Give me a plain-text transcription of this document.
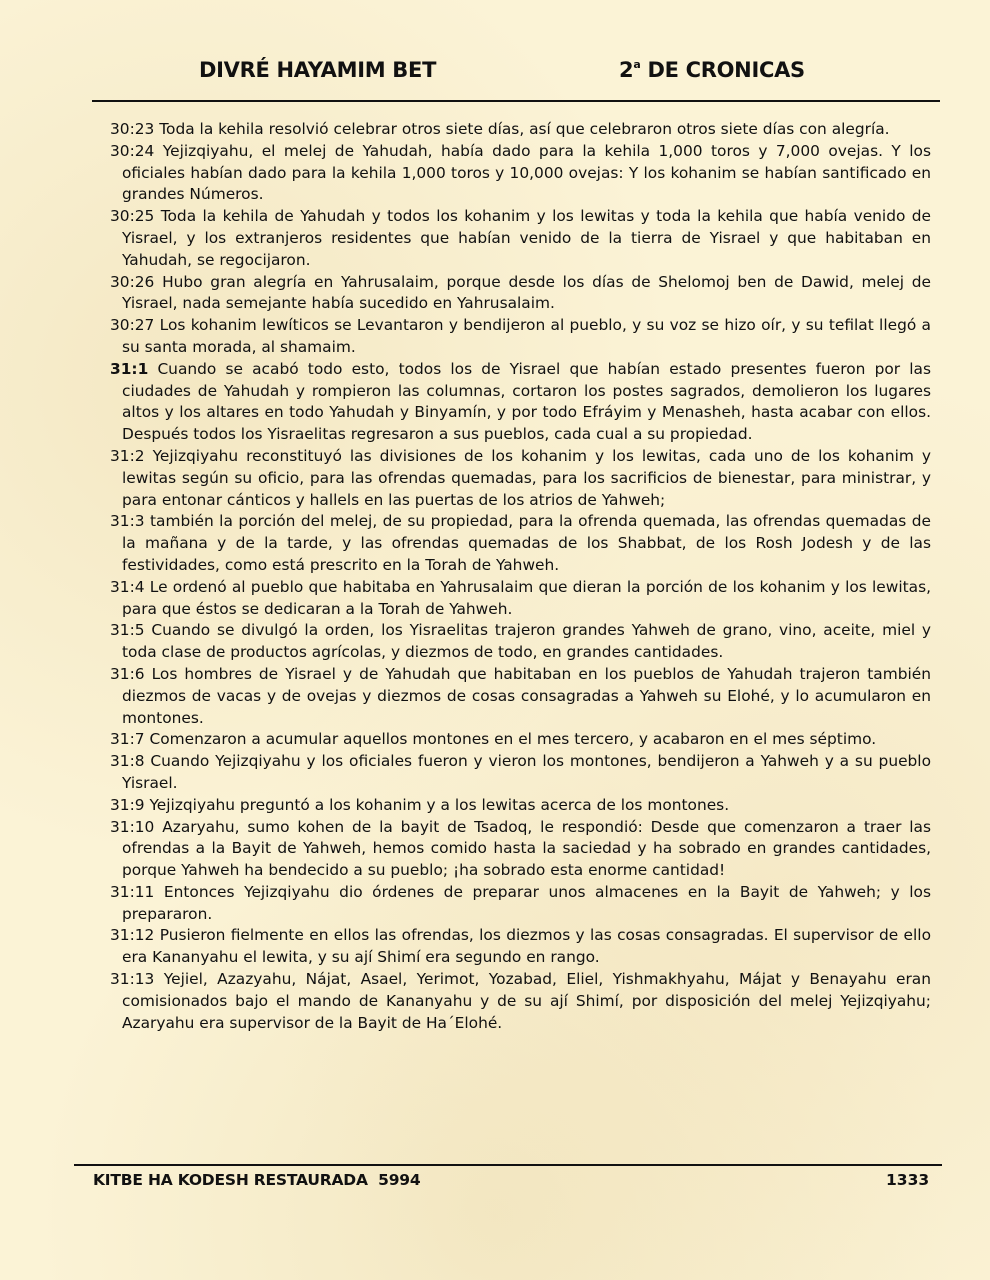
DIVRÉ HAYAMIM BET	2$^a$ DE CRONICAS

30:23 Toda la kehila resolvió celebrar otros siete días, así que celebraron otros siete días con alegría.

30:24 Yejizqiyahu, el melej de Yahudah, había dado para la kehila 1,000 toros y 7,000 ovejas. Y los oficiales habían dado para la kehila 1,000 toros y 10,000 ovejas: Y los kohanim se habían santificado en grandes Números.

30:25 Toda la kehila de Yahudah y todos los kohanim y los lewitas y toda la kehila que había venido de Yisrael, y los extranjeros residentes que habían venido de la tierra de Yisrael y que habitaban en Yahudah, se regocijaron.

30:26 Hubo gran alegría en Yahrusalaim, porque desde los días de Shelomoj ben de Dawid, melej de Yisrael, nada semejante había sucedido en Yahrusalaim.

30:27 Los kohanim lewíticos se Levantaron y bendijeron al pueblo, y su voz se hizo oír, y su tefilat llegó a su santa morada, al shamaim.

31:1 Cuando se acabó todo esto, todos los de Yisrael que habían estado presentes fueron por las ciudades de Yahudah y rompieron las columnas, cortaron los postes sagrados, demolieron los lugares altos y los altares en todo Yahudah y Binyamín, y por todo Efráyim y Menasheh, hasta acabar con ellos. Después todos los Yisraelitas regresaron a sus pueblos, cada cual a su propiedad.

31:2 Yejizqiyahu reconstituyó las divisiones de los kohanim y los lewitas, cada uno de los kohanim y lewitas según su oficio, para las ofrendas quemadas, para los sacrificios de bienestar, para ministrar, y para entonar cánticos y hallels en las puertas de los atrios de Yahweh;

31:3 también la porción del melej, de su propiedad, para la ofrenda quemada, las ofrendas quemadas de la mañana y de la tarde, y las ofrendas quemadas de los Shabbat, de los Rosh Jodesh y de las festividades, como está prescrito en la Torah de Yahweh.

31:4 Le ordenó al pueblo que habitaba en Yahrusalaim que dieran la porción de los kohanim y los lewitas, para que éstos se dedicaran a la Torah de Yahweh.

31:5 Cuando se divulgó la orden, los Yisraelitas trajeron grandes Yahweh de grano, vino, aceite, miel y toda clase de productos agrícolas, y diezmos de todo, en grandes cantidades.

31:6 Los hombres de Yisrael y de Yahudah que habitaban en los pueblos de Yahudah trajeron también diezmos de vacas y de ovejas y diezmos de cosas consagradas a Yahweh su Elohé, y lo acumularon en montones.

31:7 Comenzaron a acumular aquellos montones en el mes tercero, y acabaron en el mes séptimo.

31:8 Cuando Yejizqiyahu y los oficiales fueron y vieron los montones, bendijeron a Yahweh y a su pueblo Yisrael.

31:9 Yejizqiyahu preguntó a los kohanim y a los lewitas acerca de los montones.

31:10 Azaryahu, sumo kohen de la bayit de Tsadoq, le respondió: Desde que comenzaron a traer las ofrendas a la Bayit de Yahweh, hemos comido hasta la saciedad y ha sobrado en grandes cantidades, porque Yahweh ha bendecido a su pueblo; ¡ha sobrado esta enorme cantidad!

31:11 Entonces Yejizqiyahu dio órdenes de preparar unos almacenes en la Bayit de Yahweh; y los prepararon.

31:12 Pusieron fielmente en ellos las ofrendas, los diezmos y las cosas consagradas. El supervisor de ello era Kananyahu el lewita, y su ají Shimí era segundo en rango.

31:13 Yejiel, Azazyahu, Nájat, Asael, Yerimot, Yozabad, Eliel, Yishmakhyahu, Májat y Benayahu eran comisionados bajo el mando de Kananyahu y de su ají Shimí, por disposición del melej Yejizqiyahu; Azaryahu era supervisor de la Bayit de Ha´Elohé.

KITBE HA KODESH RESTAURADA  5994	1333
